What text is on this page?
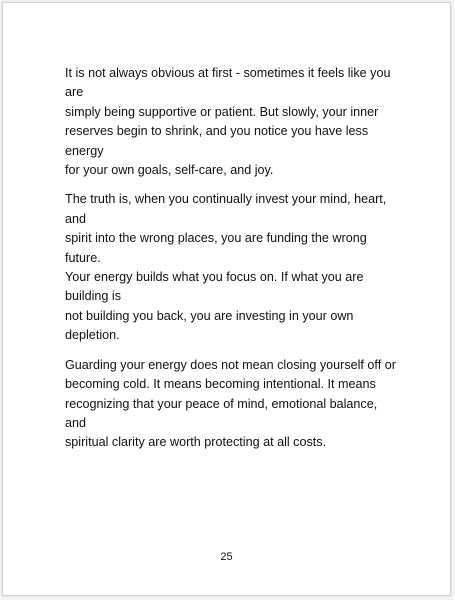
It is not always obvious at first - sometimes it feels like you are
simply being supportive or patient. But slowly, your inner
reserves begin to shrink, and you notice you have less energy
for your own goals, self-care, and joy.

The truth is, when you continually invest your mind, heart, and
spirit into the wrong places, you are funding the wrong future.
Your energy builds what you focus on. If what you are building is
not building you back, you are investing in your own depletion.

Guarding your energy does not mean closing yourself off or
becoming cold. It means becoming intentional. It means
recognizing that your peace of mind, emotional balance, and
spiritual clarity are worth protecting at all costs.

25
